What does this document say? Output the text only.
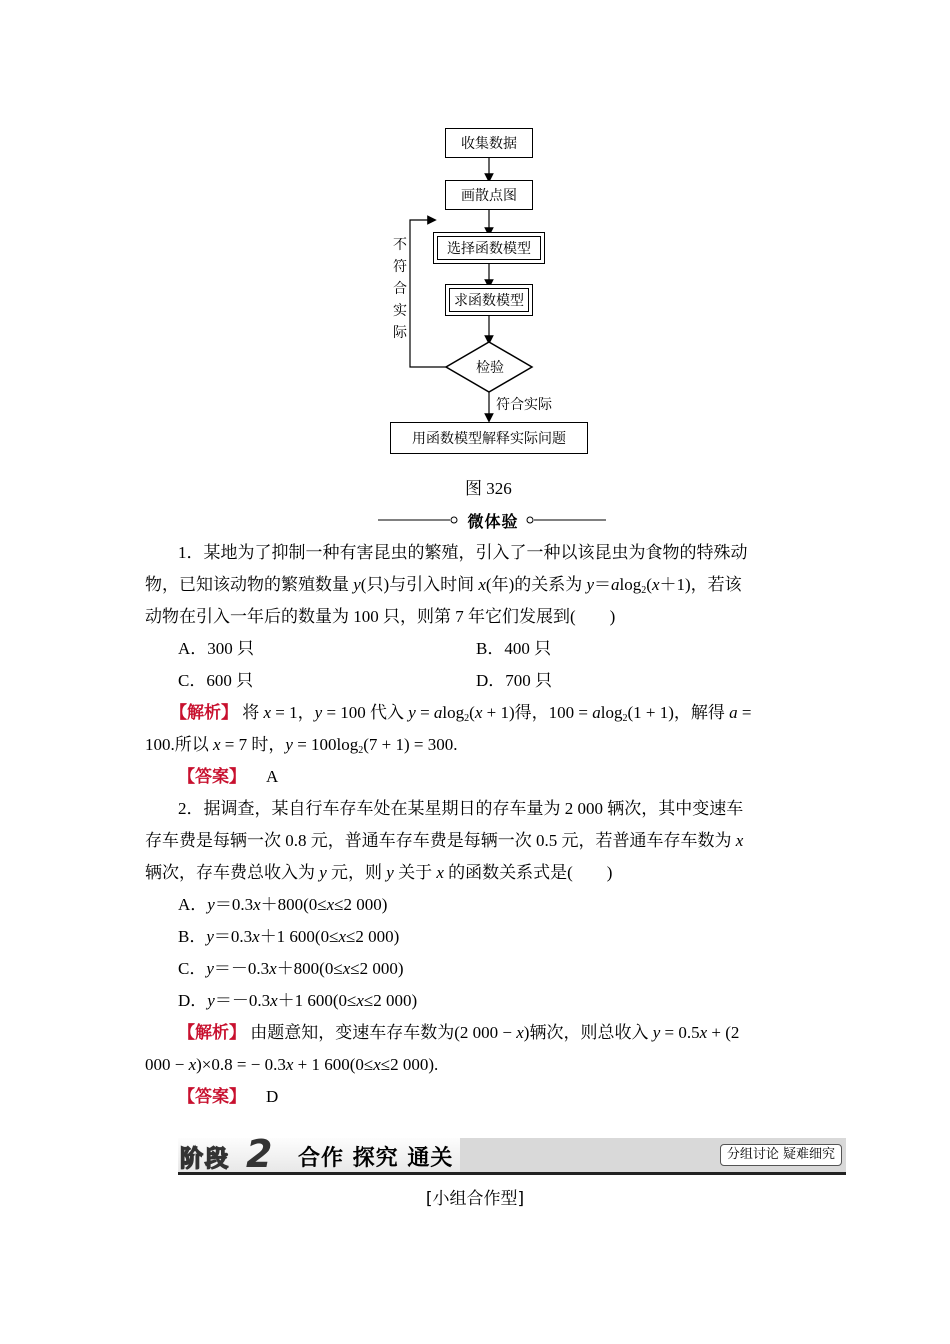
收集数据
画散点图
选择函数模型
求函数模型
检验
不
符
合
实
际
符合实际
用函数模型解释实际问题
图 326
微体验
1．某地为了抑制一种有害昆虫的繁殖，引入了一种以该昆虫为食物的特殊动
物，已知该动物的繁殖数量 y(只)与引入时间 x(年)的关系为 y＝alog$_2$(x＋1)，若该
动物在引入一年后的数量为 100 只，则第 7 年它们发展到(　　)
A．300 只	B．400 只
C．600 只	D．700 只
【解析】 将 x = 1，y = 100 代入 y = alog$_2$(x + 1)得，100 = alog$_2$(1 + 1)，解得 a =
100.所以 x = 7 时，$y = 100\log_2(7 + 1) = 300$.
【答案】 A
2．据调查，某自行车存车处在某星期日的存车量为 2 000 辆次，其中变速车
存车费是每辆一次 0.8 元，普通车存车费是每辆一次 0.5 元，若普通车存车数为 x
辆次，存车费总收入为 y 元，则 y 关于 x 的函数关系式是(　　)
A．y＝0.3x＋800(0≤x≤2 000)
B．y＝0.3x＋1 600(0≤x≤2 000)
C．y＝－0.3x＋800(0≤x≤2 000)
D．y＝－0.3x＋1 600(0≤x≤2 000)
【解析】 由题意知，变速车存车数为(2 000 − x)辆次，则总收入 y = 0.5x + (2
000 − x)×0.8 = − 0.3x + 1 600(0≤x≤2 000).
【答案】 D
分组讨论 疑难细究
阶段 2 合作 探究 通关
[小组合作型]
